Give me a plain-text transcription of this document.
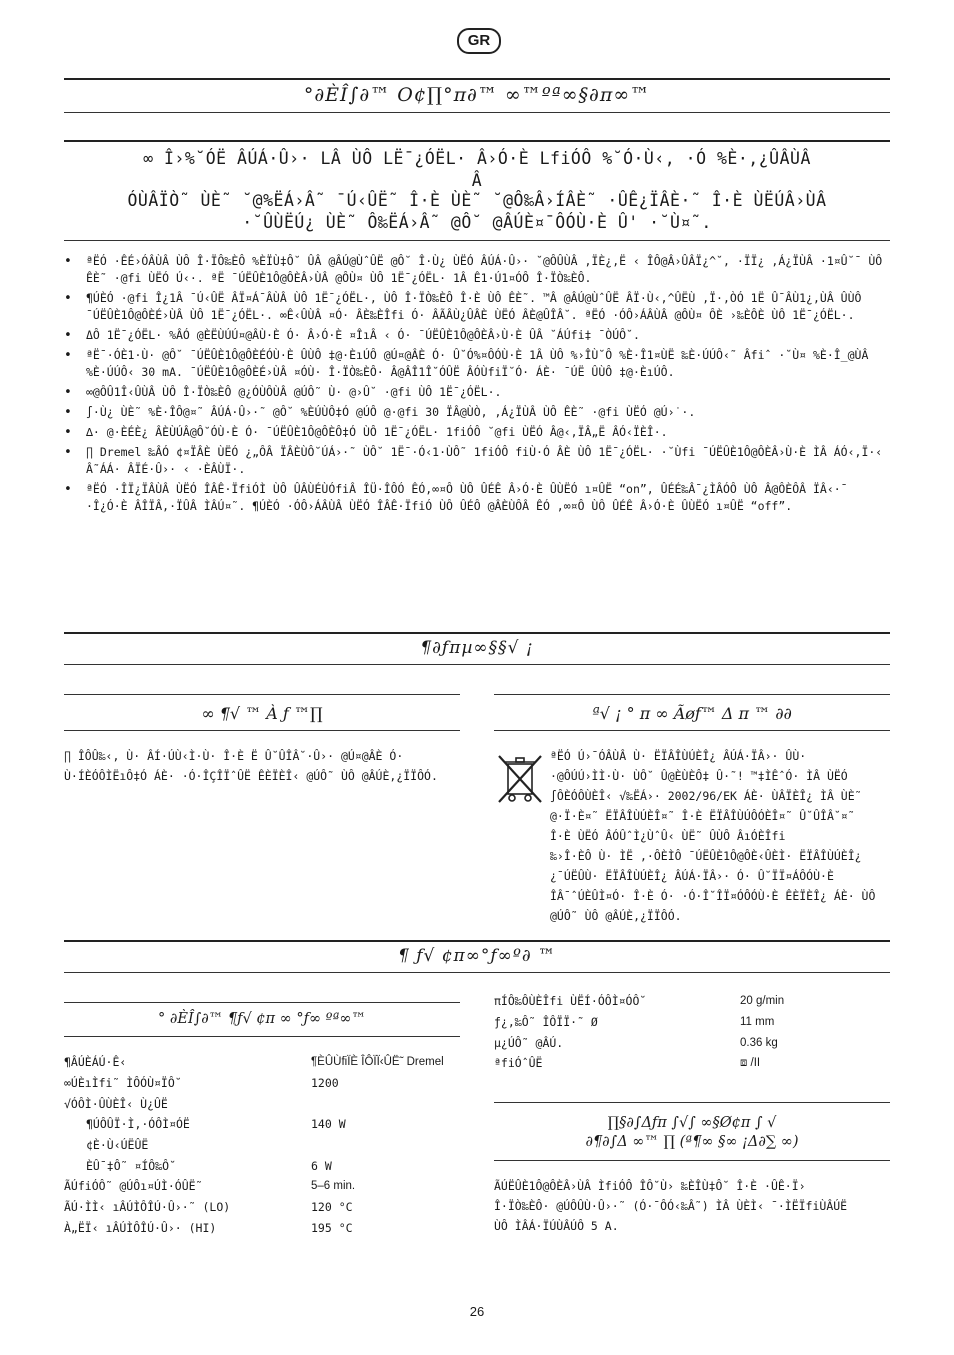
GR
°∂ÈÎ∫∂™ O¢∏°π∂™ ∞™ºª∞§∂π∞™
∞ Î›%˘ÓË ÂÚÁ·Û›· LÂ ÙÔ LË¯¿ÓËL· Â›Ó·È LfiÓÔ %˘Ó·Ù‹, ·Ó %È·,¿ÛÂÙÂ
Â
ÓÙÂÏÒ˜ ÙÈ˜ ˘@%ËÁ›Â˜ ¯Ú‹ÛË˜ Î·È ÙÈ˜ ˘@Ô‰Â›ÍÂÈ˜ ·ÛÊ¿ÏÂÈ·˜ Î·È ÙËÚÂ›ÙÂ
·˘ÛÙËÚ¿ ÙÈ˜ Ô‰ËÁ›Â˜ @Ô˘ @ÂÚÈ¤¯ÔÓÙ·È Û' ·˘Ù¤˜.
• ªËÓ ·ÊÉ›ÓÂÙÂ ÙÔ Î·ÏÔ‰ÈÔ %ÈÏÙ‡Ô˘ ÛÂ @ÂÚ@ÙˆÛË @Ô˘ Î·Ù¿ ÙËÓ ÂÚÁ·Û›· ˘@ÔÛÙÂ ,ÏÈ¿,Ë ‹ ÎÔ@Â›ÛÂÏ¿^˘, ·ÏÏ¿ ,Á¿ÏÙÂ ·1¤Û˘¯ ÙÔ ÊÈ˜ ·@fi ÙËÓ Ú‹·. ªË ¯ÚËÛÈ1Ô@ÔÈÂ›ÙÂ @ÔÙ¤ ÙÔ 1Ë¯¿ÓËL· 1Â Ê1·Ú1¤ÓÔ Î·ÏÒ‰ÈÔ.
• ¶ÚÈÓ ·@fi Î¿1Â ¯Ú‹ÛË ÂÏ¤Á¯ÂÙÂ ÙÔ 1Ë¯¿ÓËL·, ÙÔ Î·ÏÒ‰ÈÔ Î·È ÙÔ ÊÈ˜. ™Â @ÂÚ@ÙˆÛË ÂÏ·Ù‹,^ÛËÙ ,Ï·,ÒÓ 1Ë Û¯ÂÙ1¿‚ÙÂ ÛÙÔ ¯ÚËÛÈ1Ô@ÔÈÉ›ÙÂ ÙÔ 1Ë¯¿ÓËL·. ∞Ê‹ÛÙÂ ¤Ó· ÂÈ‰ÈÎfi Ó· ÂÃÂÙ¿ÛÂÈ ÙËÓ ÂÈ@ÛÎÂ˘. ªËÓ ·ÓÔ›ÁÂÙÂ @ÔÙ¤ ÔÈ ›‰ÈÔÈ ÙÔ 1Ë¯¿ÓËL·.
• ΔÔ 1Ë¯¿ÓËL· %ÂÓ @ÈËÙÚÚ¤@ÂÙ·È Ó· Â›Ó·È ¤ÎıÂ ‹ Ó· ¯ÚËÛÈ1Ô@ÔÈÂ›Ù·È ÛÂ ˘ÁÚfi‡ ¯ÒÚÔ˘.
• ªË¯·ÓÈ1·Ù· @Ô˘ ¯ÚËÛÈ1Ô@ÔÈÉÓÙ·È ÛÙÔ ‡@·ÈıÚÔ @Ú¤@ÂÈ Ó· Û˘Ó%¤ÔÓÙ·È 1Â ÙÔ %›ÎÙ˘Ô %È·Î1¤ÙË ‰È·ÚÚÔ‹˜ Âfiˆ ·˘Ù¤ %È·Î_@ÙÂ %È·ÚÚÔ‹ 30 mA. ¯ÚËÛÈ1Ô@ÔÈÉ›ÙÂ ¤ÓÙ· Î·ÏÒ‰ÈÔ· Â@ÂÎ1Î˘ÓÛË ÂÓÙfiÏ˘Ó· ÁÈ· ¯ÚË ÛÙÔ ‡@·ÈıÚÔ.
• ∞@ÔÛ1Î‹ÛÙÂ ÙÔ Î·ÏÒ‰ÈÔ @¿ÓÙÔÙÂ @ÚÔ˜ Ù· @›Û˘ ·@fi ÙÔ 1Ë¯¿ÓËL·.
• ∫·Ù¿ ÙÈ˜ %È·ÎÔ@¤˜ ÂÚÁ·Û›·˜ @Ô˘ %ÈÚÙÔ‡Ó @ÚÔ @·@fi 30 ÏÂ@ÙÒ, ,Á¿ÏÙÂ ÙÔ ÊÈ˜ ·@fi ÙËÓ @Ú›˙·.
• ∆· @·ÈÉÈ¿ ÂÈÙÚÂ@Ô˘ÓÙ·È Ó· ¯ÚËÛÈ1Ô@ÔÈÔ‡Ó ÙÔ 1Ë¯¿ÓËL· 1fiÓÔ ˘@fi ÙËÓ Â@‹,ÏÂ„Ë ÂÓ‹ÏÈÎ·.
• ∏ Dremel ‰ÂÓ ¢¤ÏÂÈ ÙËÓ ¿„ÔÂ ÏÂÈÙÔ˘ÚÁ›·˜ ÙÔ˘ 1Ë¯·Ó‹1·ÙÔ˜ 1fiÓÔ fiÙ·Ó ÂÈ ÙÔ 1Ë¯¿ÓËL· ·˘Ùfi ¯ÚËÛÈ1Ô@ÔÈÂ›Ù·È ÌÂ ÁÓ‹,Ï·‹ Â˜ÁÁ· ÂÏÉ·Û›· ‹ ·ÈÂÙÏ·.
• ªËÓ ·ÎÏ¿ÏÂÙÂ ÙËÓ ÎÂÊ·ÏfiÓÌ ÙÔ ÛÂÙÉÙÓfiÂ ÎÜ·ÎÔÓ ÊÓ‚∞¤Ô ÙÔ ÛÉÊ Â›Ó·È ÛÙËÓ ı¤ÛË “on”, ÛÉÉ‰Â¯¿ÌÂÓÔ ÙÔ Â@ÔÈÔÂ ÏÂ‹·¯ ·Î¿Ó·È ÂÎÏÂ‚·ÏÛÂ ÌÂÚ¤˜. ¶ÚÈÓ ·ÓÔ›ÁÂÙÂ ÙËÓ ÎÂÊ·ÏfiÓ ÙÔ ÛÉÔ @ÂÈÙÔÂ ÊÓ ‚∞¤Ô ÙÔ ÛÉÊ Â›Ó·È ÛÙËÓ ı¤ÛË “off”.
¶∂ƒπµ∞§§√ ¡
∞ ¶√ ™ À ƒ ™∏	ª√ ¡ ° π ∞ Ãøƒ™ Δ π ™ ∂∂
∏ ÎÔÛ‰‹, Ù· ÂÍ·ÚÙ‹Ì·Ù· Î·È Ë Û˘ÛÎÂ˘·Û›· @Ú¤@ÂÈ Ó·
Ù·ÍÈÓÔÌËıÔ‡Ó ÁÈ· ·Ó·ÎÇÎÏˆÛË ÊÈÏÈÎ‹ @ÚÔ˜ ÙÔ @ÂÚÈ,¿ÏÏÔÓ.
ªËÓ Ú›¯ÓÂÙÂ Ù· ËÏÂÎÙÚÈÎ¿ ÂÚÁ·ÏÂ›· ÛÙ·
·@ÔÚÚ›ÌÌ·Ù· ÙÔ˘ Û@ÈÙÈÔ‡ Û·˜! ™‡ÌÊˆÓ· ÌÂ ÙËÓ
∫ÔÈÓÔÙÈÎ‹ √‰ËÁ›· 2002/96/EK ÁÈ· ÙÂÏÈÎ¿ ÌÂ ÙÈ˜
@·Ï·È¤˜ ËÏÂÎÙÚÈÎ¤˜ Î·È ËÏÂÎÙÚÔÓÈÎ¤˜ Û˘ÛÎÂ˘¤˜
Î·È ÙËÓ ÂÓÛˆÌ¿ÙˆÛ‹ ÙË˜ ÛÙÔ ÂıÓÈÎfi
‰›Î·ÈÔ Ù· ÌË ‚·ÔÈÌÔ ¯ÚËÛÈ1Ô@ÔÈ‹ÛÈÌ· ËÏÂÎÙÚÈÎ¿
¿¯ÚËÛÙ· ËÏÂÎÙÚÈÎ¿ ÂÚÁ·ÏÂ›· Ó· Û˘ÏÏ¤ÁÔÓÙ·È
ÎÂ¯ˆÚÈÛÌ¤Ó· Î·È Ó· ·Ó·Î˘ÎÏ¤ÓÔÓÙ·È ÊÈÏÈÎ¿ ÁÈ· ÙÔ
@ÚÔ˜ ÙÔ @ÂÚÈ,¿ÏÏÔÓ.
¶ ƒ√ ¢π∞°ƒ∞º∂ ™
° ∂ÈÎ∫∂™ ¶ƒ√ ¢π ∞ °ƒ∞ ºª∞™
¶ÂÚÈÁÚ·Ê‹	¶ÈÛÙfiÏÈ ÎÔÏÏ‹ÛË˜ Dremel
∞ÚÈıÌfi˜ ÌÔÓÙ¤ÏÔ˘	1200
√ÓÔÌ·ÛÙÈÎ‹ Ù¿ÛË	
¶ÚÔÛÏ·Ì‚·ÓÔÌ¤ÓË	140 W
¢È·Ù‹ÚËÛË	
ÈÛ¯‡Ô˜ ¤ÍÔ‰Ô˘	6 W
ÃÚfiÓÔ˜ @ÚÔı¤ÚÌ·ÓÛË˜	5–6 min.
ÃÚ·ÌÌ‹ ıÂÚÌÔÎÚ·Û›·˜ (LO)	120 °C
À„ËÏ‹ ıÂÚÌÔÎÚ·Û›· (HI)	195 °C
πÍÔ‰ÔÙÈÎfi ÙËÍ·ÓÔÌ¤ÓÔ˘	20 g/min
ƒ¿‚‰Ô˜ ÎÔÏÏ·˜ Ø	11 mm
µ¿ÚÔ˜ @ÂÚ.	0.36 kg
ªfiÓˆÛË	⧈ /II
∏§∂∫Δƒπ ∫√∫ ∞§Ø¢π ∫ √
∂¶∂∫Δ ∞™ ∏ (ª¶∞ §∞ ¡Δ∂∑ ∞)
ÃÚËÛÈ1Ô@ÔÈÂ›ÙÂ ÌfiÓÔ ÎÔ˘Ù› ‰ÈÎÙ‡Ô˘ Î·È ·ÛÊ·Ï›
Î·ÏÒ‰ÈÔ· @ÚÔÛÙ·Û›·˜ (Ó·¯ÔÓ‹‰Â˜) ÌÂ ÙÈÌ‹ ¯·ÌËÏfiÙÂÚË
ÙÔ ÌÂÁ·ÏÚÙÂÚÔ 5 A.
26
